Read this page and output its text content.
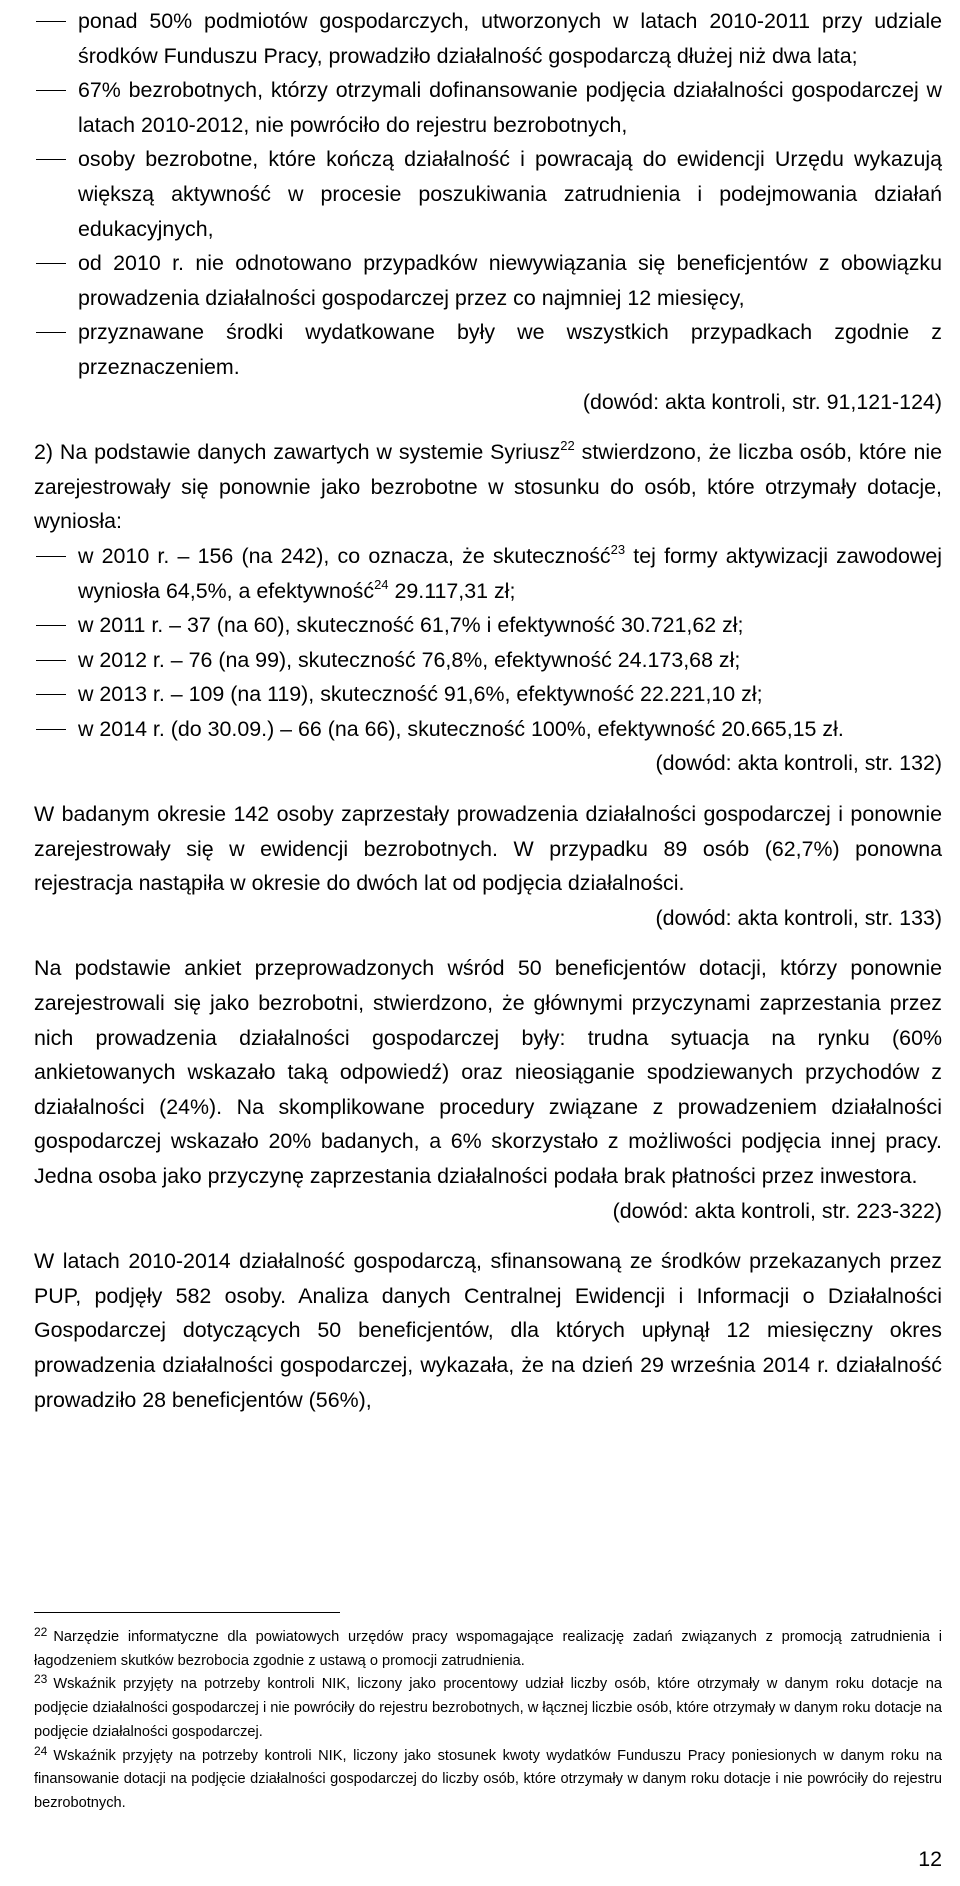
ponad 50% podmiotów gospodarczych, utworzonych w latach 2010-2011 przy udziale środków Funduszu Pracy, prowadziło działalność gospodarczą dłużej niż dwa lata;
67% bezrobotnych, którzy otrzymali dofinansowanie podjęcia działalności gospodarczej w latach 2010-2012, nie powróciło do rejestru bezrobotnych,
osoby bezrobotne, które kończą działalność i powracają do ewidencji Urzędu wykazują większą aktywność w procesie poszukiwania zatrudnienia i podejmowania działań edukacyjnych,
od 2010 r. nie odnotowano przypadków niewywiązania się beneficjentów z obowiązku prowadzenia działalności gospodarczej przez co najmniej 12 miesięcy,
przyznawane środki wydatkowane były we wszystkich przypadkach zgodnie z przeznaczeniem.

(dowód: akta kontroli, str. 91,121-124)

2) Na podstawie danych zawartych w systemie Syriusz$^{22}$ stwierdzono, że liczba osób, które nie zarejestrowały się ponownie jako bezrobotne w stosunku do osób, które otrzymały dotacje, wyniosła:

w 2010 r. – 156 (na 242), co oznacza, że skuteczność$^{23}$ tej formy aktywizacji zawodowej wyniosła 64,5%, a efektywność$^{24}$ 29.117,31 zł;
w 2011 r. – 37 (na 60), skuteczność 61,7% i efektywność 30.721,62 zł;
w 2012 r. – 76 (na 99), skuteczność 76,8%, efektywność 24.173,68 zł;
w 2013 r. – 109 (na 119), skuteczność 91,6%, efektywność 22.221,10 zł;
w 2014 r. (do 30.09.) – 66 (na 66), skuteczność 100%, efektywność 20.665,15 zł.

(dowód: akta kontroli, str. 132)

W badanym okresie 142 osoby zaprzestały prowadzenia działalności gospodarczej i ponownie zarejestrowały się w ewidencji bezrobotnych. W przypadku 89 osób (62,7%) ponowna rejestracja nastąpiła w okresie do dwóch lat od podjęcia działalności.

(dowód: akta kontroli, str. 133)

Na podstawie ankiet przeprowadzonych wśród 50 beneficjentów dotacji, którzy ponownie zarejestrowali się jako bezrobotni, stwierdzono, że głównymi przyczynami zaprzestania przez nich prowadzenia działalności gospodarczej były: trudna sytuacja na rynku (60% ankietowanych wskazało taką odpowiedź) oraz nieosiąganie spodziewanych przychodów z działalności (24%). Na skomplikowane procedury związane z prowadzeniem działalności gospodarczej wskazało 20% badanych, a 6% skorzystało z możliwości podjęcia innej pracy. Jedna osoba jako przyczynę zaprzestania działalności podała brak płatności przez inwestora.

(dowód: akta kontroli, str. 223-322)

W latach 2010-2014 działalność gospodarczą, sfinansowaną ze środków przekazanych przez PUP, podjęły 582 osoby. Analiza danych Centralnej Ewidencji i Informacji o Działalności Gospodarczej dotyczących 50 beneficjentów, dla których upłynął 12 miesięczny okres prowadzenia działalności gospodarczej, wykazała, że na dzień 29 września 2014 r. działalność prowadziło 28 beneficjentów (56%),

$^{22}$ Narzędzie informatyczne dla powiatowych urzędów pracy wspomagające realizację zadań związanych z promocją zatrudnienia i łagodzeniem skutków bezrobocia zgodnie z ustawą o promocji zatrudnienia.

$^{23}$ Wskaźnik przyjęty na potrzeby kontroli NIK, liczony jako procentowy udział liczby osób, które otrzymały w danym roku dotacje na podjęcie działalności gospodarczej i nie powróciły do rejestru bezrobotnych, w łącznej liczbie osób, które otrzymały w danym roku dotacje na podjęcie działalności gospodarczej.

$^{24}$ Wskaźnik przyjęty na potrzeby kontroli NIK, liczony jako stosunek kwoty wydatków Funduszu Pracy poniesionych w danym roku na finansowanie dotacji na podjęcie działalności gospodarczej do liczby osób, które otrzymały w danym roku dotacje i nie powróciły do rejestru bezrobotnych.

12
